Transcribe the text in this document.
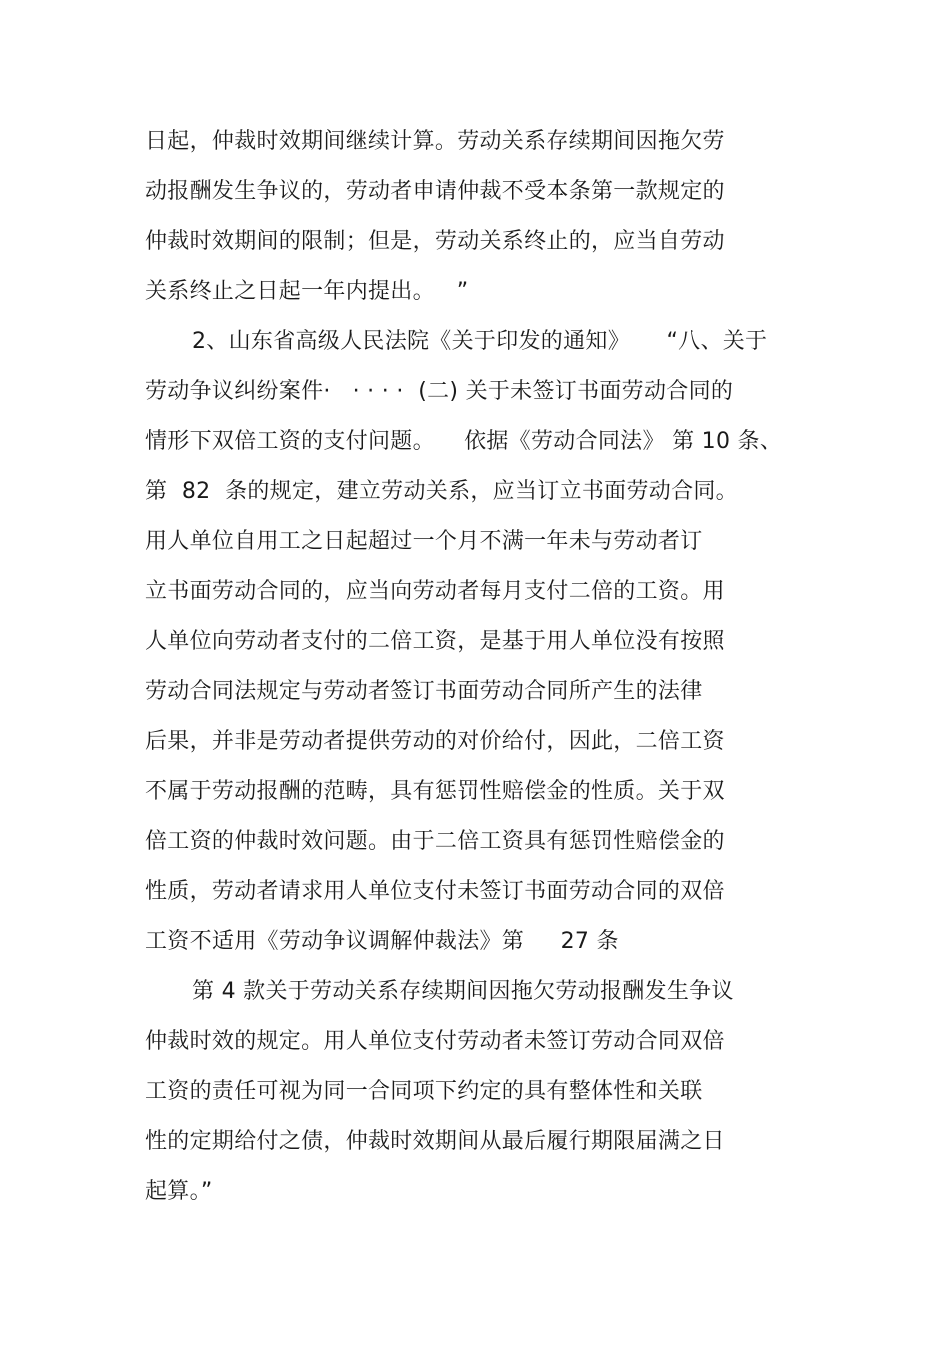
日起，仲裁时效期间继续计算。劳动关系存续期间因拖欠劳
动报酬发生争议的，劳动者申请仲裁不受本条第一款规定的
仲裁时效期间的限制；但是，劳动关系终止的，应当自劳动
关系终止之日起一年内提出。   ”
2、山东省高级人民法院《关于印发的通知》     “八、关于
劳动争议纠纷案件·   · · · ·  (二) 关于未签订书面劳动合同的
情形下双倍工资的支付问题。    依据《劳动合同法》 第 10 条、
第  82  条的规定，建立劳动关系，应当订立书面劳动合同。
用人单位自用工之日起超过一个月不满一年未与劳动者订
立书面劳动合同的，应当向劳动者每月支付二倍的工资。用
人单位向劳动者支付的二倍工资，是基于用人单位没有按照
劳动合同法规定与劳动者签订书面劳动合同所产生的法律
后果，并非是劳动者提供劳动的对价给付，因此，二倍工资
不属于劳动报酬的范畴，具有惩罚性赔偿金的性质。关于双
倍工资的仲裁时效问题。由于二倍工资具有惩罚性赔偿金的
性质，劳动者请求用人单位支付未签订书面劳动合同的双倍
工资不适用《劳动争议调解仲裁法》第     27 条
第 4 款关于劳动关系存续期间因拖欠劳动报酬发生争议
仲裁时效的规定。用人单位支付劳动者未签订劳动合同双倍
工资的责任可视为同一合同项下约定的具有整体性和关联
性的定期给付之债，仲裁时效期间从最后履行期限届满之日
起算。”
